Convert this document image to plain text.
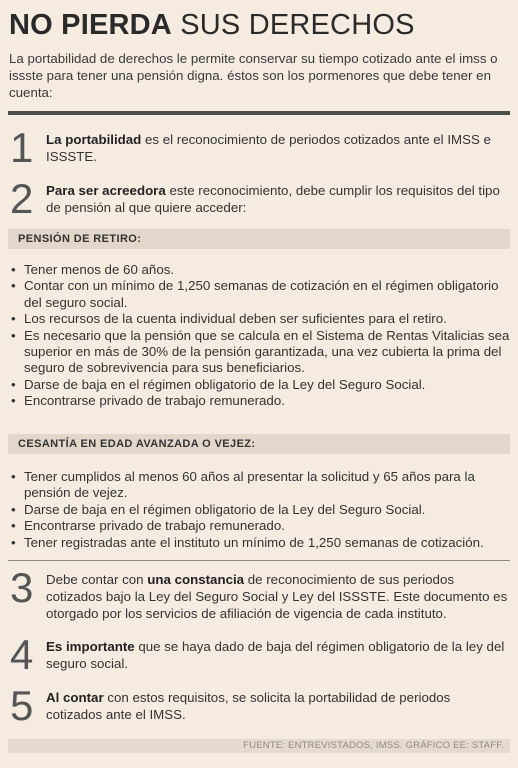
NO PIERDA SUS DERECHOS
La portabilidad de derechos le permite conservar su tiempo cotizado ante el imss o issste para tener una pensión digna. éstos son los pormenores que debe tener en cuenta:
1 La portabilidad es el reconocimiento de periodos cotizados ante el IMSS e ISSSTE.
2 Para ser acreedora este reconocimiento, debe cumplir los requisitos del tipo de pensión al que quiere acceder:
PENSIÓN DE RETIRO:
• Tener menos de 60 años.
• Contar con un mínimo de 1,250 semanas de cotización en el régimen obligatorio del seguro social.
• Los recursos de la cuenta individual deben ser suficientes para el retiro.
• Es necesario que la pensión que se calcula en el Sistema de Rentas Vitalicias sea superior en más de 30% de la pensión garantizada, una vez cubierta la prima del seguro de sobrevivencia para sus beneficiarios.
• Darse de baja en el régimen obligatorio de la Ley del Seguro Social.
• Encontrarse privado de trabajo remunerado.
CESANTÍA EN EDAD AVANZADA O VEJEZ:
• Tener cumplidos al menos 60 años al presentar la solicitud y 65 años para la pensión de vejez.
• Darse de baja en el régimen obligatorio de la Ley del Seguro Social.
• Encontrarse privado de trabajo remunerado.
• Tener registradas ante el instituto un mínimo de 1,250 semanas de cotización.
3 Debe contar con una constancia de reconocimiento de sus periodos cotizados bajo la Ley del Seguro Social y Ley del ISSSTE. Este documento es otorgado por los servicios de afiliación de vigencia de cada instituto.
4 Es importante que se haya dado de baja del régimen obligatorio de la ley del seguro social.
5 Al contar con estos requisitos, se solicita la portabilidad de periodos cotizados ante el IMSS.
FUENTE: ENTREVISTADOS, IMSS. GRÁFICO EE: STAFF.
